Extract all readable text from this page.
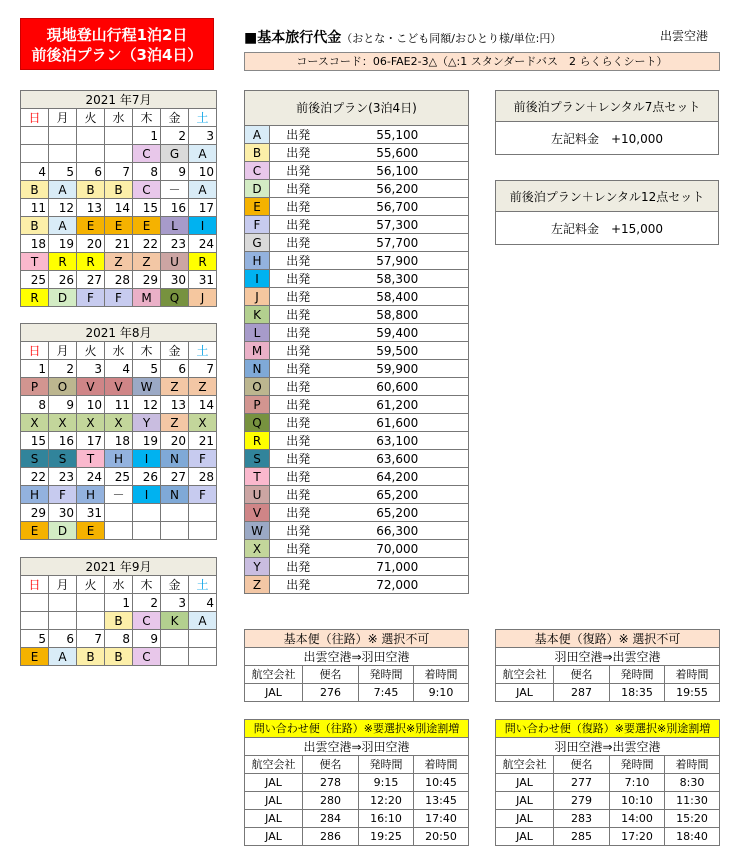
現地登山行程1泊2日
前後泊プラン（3泊4日）
■基本旅行代金（おとな・こども同額/おひとり様/単位:円）	出雲空港
コースコード：06-FAE2-3△（△:1 スタンダードバス　2 らくらくシート）
2021 年7月						
日	月	火	水	木	金	土
				1	2	3
				C	G	A
4	5	6	7	8	9	10
B	A	B	B	C	－	A
11	12	13	14	15	16	17
B	A	E	E	E	L	I
18	19	20	21	22	23	24
T	R	R	Z	Z	U	R
25	26	27	28	29	30	31
R	D	F	F	M	Q	J
2021 年8月						
日	月	火	水	木	金	土
1	2	3	4	5	6	7
P	O	V	V	W	Z	Z
8	9	10	11	12	13	14
X	X	X	X	Y	Z	X
15	16	17	18	19	20	21
S	S	T	H	I	N	F
22	23	24	25	26	27	28
H	F	H	－	I	N	F
29	30	31				
E	D	E				
2021 年9月						
日	月	火	水	木	金	土
			1	2	3	4
			B	C	K	A
5	6	7	8	9		
E	A	B	B	C		
前後泊プラン(3泊4日)		
A	出発	55,100
B	出発	55,600
C	出発	56,100
D	出発	56,200
E	出発	56,700
F	出発	57,300
G	出発	57,700
H	出発	57,900
I	出発	58,300
J	出発	58,400
K	出発	58,800
L	出発	59,400
M	出発	59,500
N	出発	59,900
O	出発	60,600
P	出発	61,200
Q	出発	61,600
R	出発	63,100
S	出発	63,600
T	出発	64,200
U	出発	65,200
V	出発	65,200
W	出発	66,300
X	出発	70,000
Y	出発	71,000
Z	出発	72,000
前後泊プラン＋レンタル7点セット
左記料金　+10,000
前後泊プラン＋レンタル12点セット
左記料金　+15,000
基本便（往路）※ 選択不可			
出雲空港⇒羽田空港			
航空会社	便名	発時間	着時間
JAL	276	7:45	9:10
基本便（復路）※ 選択不可			
羽田空港⇒出雲空港			
航空会社	便名	発時間	着時間
JAL	287	18:35	19:55
問い合わせ便（往路）※要選択※別途割増			
出雲空港⇒羽田空港			
航空会社	便名	発時間	着時間
JAL	278	9:15	10:45
JAL	280	12:20	13:45
JAL	284	16:10	17:40
JAL	286	19:25	20:50
問い合わせ便（復路）※要選択※別途割増			
羽田空港⇒出雲空港			
航空会社	便名	発時間	着時間
JAL	277	7:10	8:30
JAL	279	10:10	11:30
JAL	283	14:00	15:20
JAL	285	17:20	18:40
